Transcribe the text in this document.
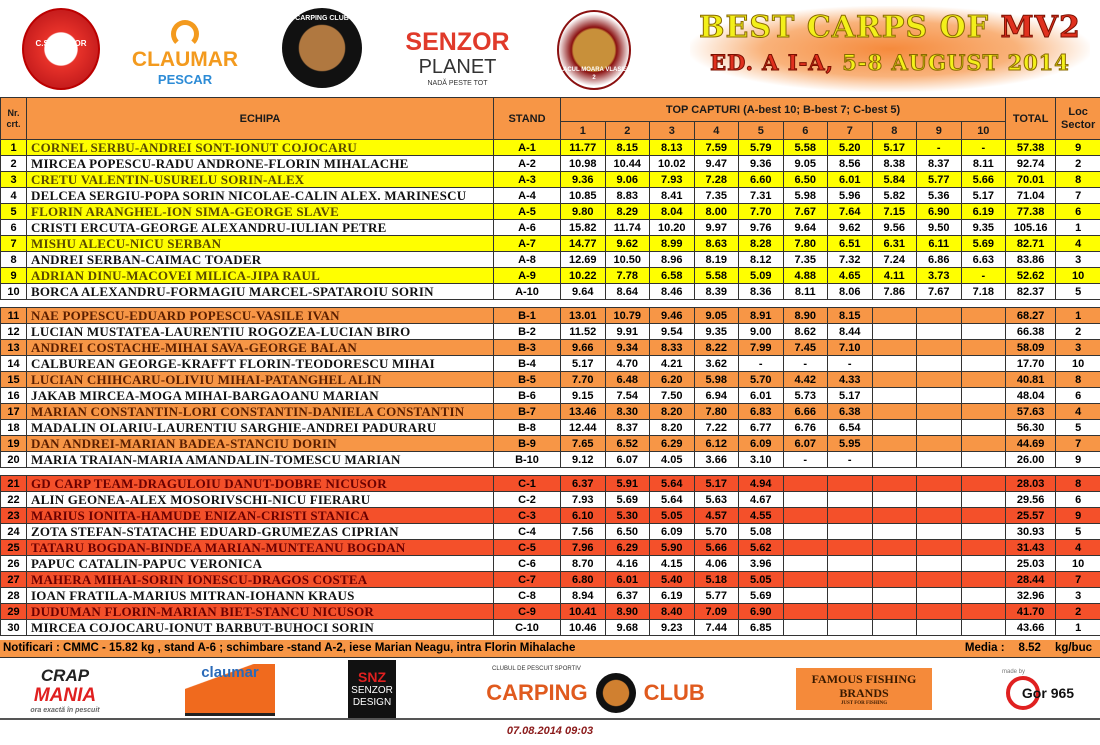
C.S. SENZOR TEAM	CLAUMAR
PESCAR
CARPING CLUB
SENZOR
PLANET
NADĂ PESTE TOT
LACUL MOARA VLASIEI 2
BEST CARPS OF MV2
ED. A I-A, 5-8 AUGUST 2014
Nr. crt.	ECHIPA	STAND	TOP CAPTURI (A-best 10; B-best 7; C-best 5)										TOTAL	Loc Sector
			1	2	3	4	5	6	7	8	9	10		
1	CORNEL SERBU-ANDREI SONT-IONUT COJOCARU	A-1	11.77	8.15	8.13	7.59	5.79	5.58	5.20	5.17	-	-	57.38	9
2	MIRCEA POPESCU-RADU ANDRONE-FLORIN MIHALACHE	A-2	10.98	10.44	10.02	9.47	9.36	9.05	8.56	8.38	8.37	8.11	92.74	2
3	CRETU VALENTIN-USURELU SORIN-ALEX	A-3	9.36	9.06	7.93	7.28	6.60	6.50	6.01	5.84	5.77	5.66	70.01	8
4	DELCEA SERGIU-POPA SORIN NICOLAE-CALIN ALEX. MARINESCU	A-4	10.85	8.83	8.41	7.35	7.31	5.98	5.96	5.82	5.36	5.17	71.04	7
5	FLORIN ARANGHEL-ION SIMA-GEORGE SLAVE	A-5	9.80	8.29	8.04	8.00	7.70	7.67	7.64	7.15	6.90	6.19	77.38	6
6	CRISTI ERCUTA-GEORGE ALEXANDRU-IULIAN PETRE	A-6	15.82	11.74	10.20	9.97	9.76	9.64	9.62	9.56	9.50	9.35	105.16	1
7	MISHU ALECU-NICU SERBAN	A-7	14.77	9.62	8.99	8.63	8.28	7.80	6.51	6.31	6.11	5.69	82.71	4
8	ANDREI SERBAN-CAIMAC TOADER	A-8	12.69	10.50	8.96	8.19	8.12	7.35	7.32	7.24	6.86	6.63	83.86	3
9	ADRIAN DINU-MACOVEI MILICA-JIPA RAUL	A-9	10.22	7.78	6.58	5.58	5.09	4.88	4.65	4.11	3.73	-	52.62	10
10	BORCA ALEXANDRU-FORMAGIU MARCEL-SPATAROIU SORIN	A-10	9.64	8.64	8.46	8.39	8.36	8.11	8.06	7.86	7.67	7.18	82.37	5

11	NAE POPESCU-EDUARD POPESCU-VASILE IVAN	B-1	13.01	10.79	9.46	9.05	8.91	8.90	8.15				68.27	1
12	LUCIAN MUSTATEA-LAURENTIU ROGOZEA-LUCIAN BIRO	B-2	11.52	9.91	9.54	9.35	9.00	8.62	8.44				66.38	2
13	ANDREI COSTACHE-MIHAI SAVA-GEORGE BALAN	B-3	9.66	9.34	8.33	8.22	7.99	7.45	7.10				58.09	3
14	CALBUREAN GEORGE-KRAFFT FLORIN-TEODORESCU MIHAI	B-4	5.17	4.70	4.21	3.62	-	-	-				17.70	10
15	LUCIAN CHIHCARU-OLIVIU MIHAI-PATANGHEL ALIN	B-5	7.70	6.48	6.20	5.98	5.70	4.42	4.33				40.81	8
16	JAKAB MIRCEA-MOGA MIHAI-BARGAOANU MARIAN	B-6	9.15	7.54	7.50	6.94	6.01	5.73	5.17				48.04	6
17	MARIAN CONSTANTIN-LORI CONSTANTIN-DANIELA CONSTANTIN	B-7	13.46	8.30	8.20	7.80	6.83	6.66	6.38				57.63	4
18	MADALIN OLARIU-LAURENTIU SARGHIE-ANDREI PADURARU	B-8	12.44	8.37	8.20	7.22	6.77	6.76	6.54				56.30	5
19	DAN ANDREI-MARIAN BADEA-STANCIU DORIN	B-9	7.65	6.52	6.29	6.12	6.09	6.07	5.95				44.69	7
20	MARIA TRAIAN-MARIA AMANDALIN-TOMESCU MARIAN	B-10	9.12	6.07	4.05	3.66	3.10	-	-				26.00	9

21	GD CARP TEAM-DRAGULOIU DANUT-DOBRE NICUSOR	C-1	6.37	5.91	5.64	5.17	4.94						28.03	8
22	ALIN GEONEA-ALEX MOSORIVSCHI-NICU FIERARU	C-2	7.93	5.69	5.64	5.63	4.67						29.56	6
23	MARIUS IONITA-HAMUDE ENIZAN-CRISTI STANICA	C-3	6.10	5.30	5.05	4.57	4.55						25.57	9
24	ZOTA STEFAN-STATACHE EDUARD-GRUMEZAS CIPRIAN	C-4	7.56	6.50	6.09	5.70	5.08						30.93	5
25	TATARU BOGDAN-BINDEA MARIAN-MUNTEANU BOGDAN	C-5	7.96	6.29	5.90	5.66	5.62						31.43	4
26	PAPUC CATALIN-PAPUC VERONICA	C-6	8.70	4.16	4.15	4.06	3.96						25.03	10
27	MAHERA MIHAI-SORIN IONESCU-DRAGOS COSTEA	C-7	6.80	6.01	5.40	5.18	5.05						28.44	7
28	IOAN FRATILA-MARIUS MITRAN-IOHANN KRAUS	C-8	8.94	6.37	6.19	5.77	5.69						32.96	3
29	DUDUMAN FLORIN-MARIAN BIET-STANCU NICUSOR	C-9	10.41	8.90	8.40	7.09	6.90						41.70	2
30	MIRCEA COJOCARU-IONUT BARBUT-BUHOCI SORIN	C-10	10.46	9.68	9.23	7.44	6.85						43.66	1
Notificari : CMMC - 15.82 kg , stand A-6 ; schimbare -stand A-2, iese Marian Neagu, intra Florin Mihalache	Media : 8.52 kg/buc
CRAP
MANIA
ora exactă în pescuit
claumar	SNZ
SENZOR
DESIGN
CLUBUL DE PESCUIT SPORTIV
CARPING	CLUB
FAMOUS FISHING BRANDS
JUST FOR FISHING
made by
Gor 965
07.08.2014 09:03
